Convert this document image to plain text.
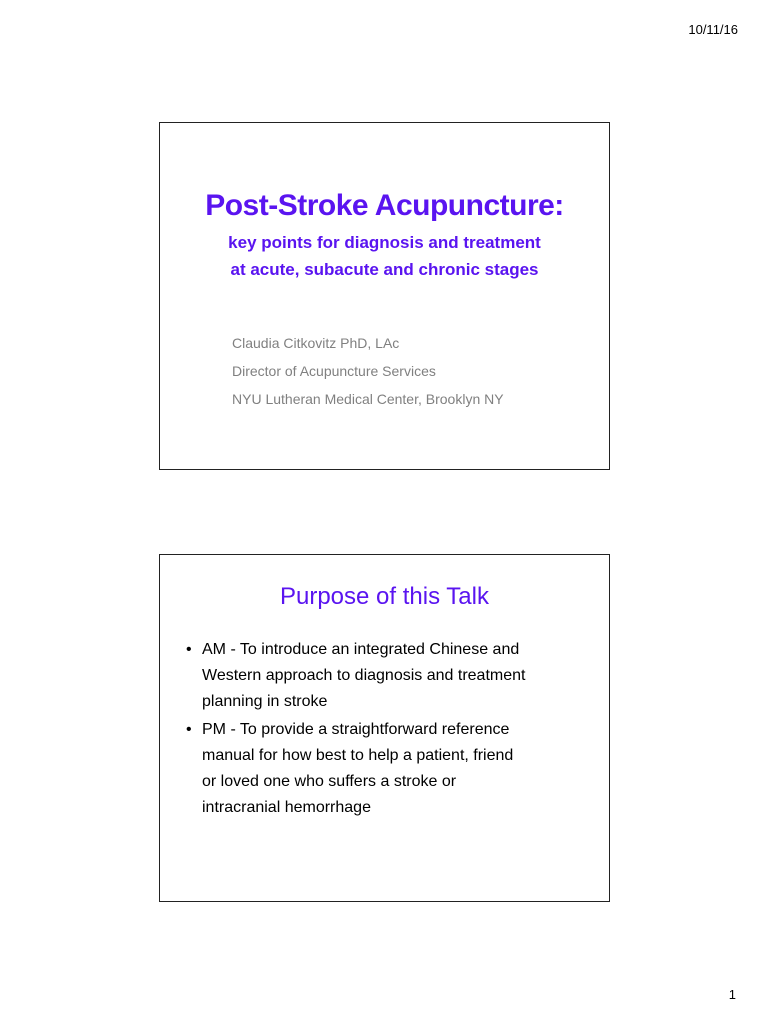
10/11/16
Post-Stroke Acupuncture:
key points for diagnosis and treatment
at acute, subacute and chronic stages
Claudia Citkovitz PhD, LAc
Director of Acupuncture Services
NYU Lutheran Medical Center, Brooklyn NY
Purpose of this Talk
• AM - To introduce an integrated Chinese and
Western approach to diagnosis and treatment
planning in stroke
• PM - To provide a straightforward reference
manual for how best to help a patient, friend
or loved one who suffers a stroke or
intracranial hemorrhage
1
